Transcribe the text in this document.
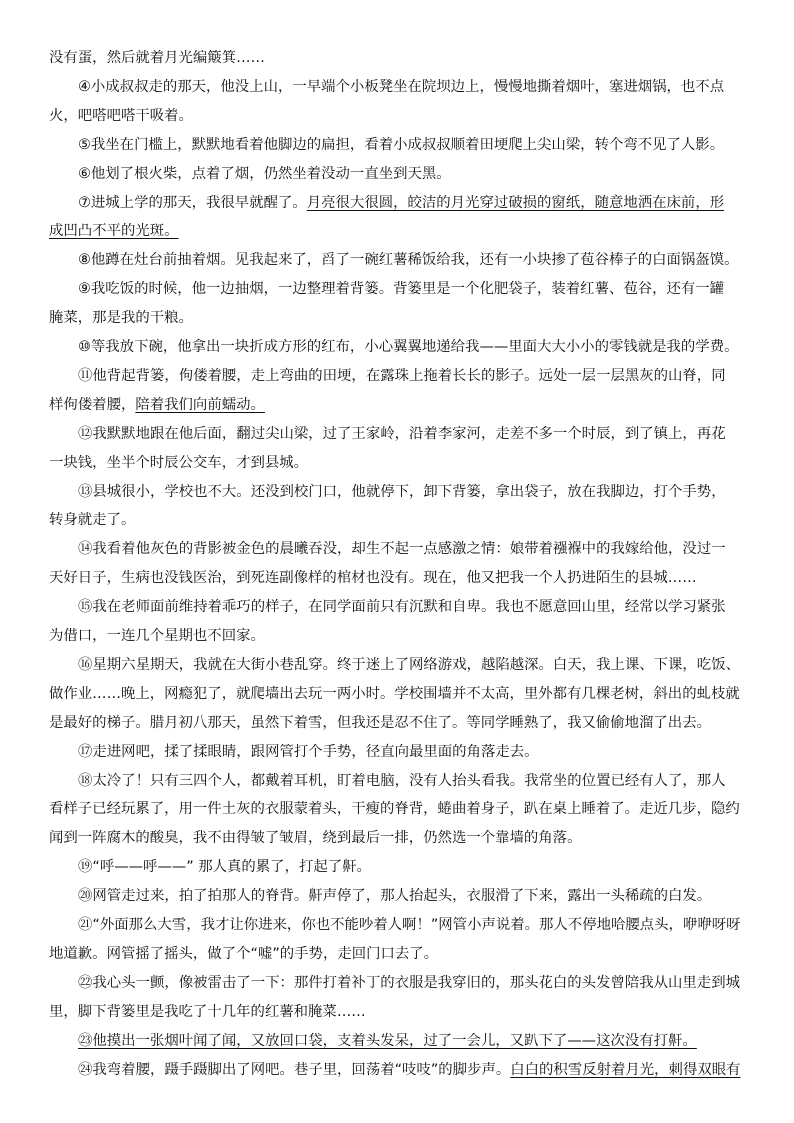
没有蛋，然后就着月光编簸箕……
④小成叔叔走的那天，他没上山，一早端个小板凳坐在院坝边上，慢慢地撕着烟叶，塞进烟锅，也不点
火，吧嗒吧嗒干吸着。
⑤我坐在门槛上，默默地看着他脚边的扁担，看着小成叔叔顺着田埂爬上尖山梁，转个弯不见了人影。
⑥他划了根火柴，点着了烟，仍然坐着没动一直坐到天黑。
⑦进城上学的那天，我很早就醒了。月亮很大很圆，皎洁的月光穿过破损的窗纸，随意地洒在床前，形
成凹凸不平的光斑。
⑧他蹲在灶台前抽着烟。见我起来了，舀了一碗红薯稀饭给我，还有一小块掺了苞谷棒子的白面锅盔馍。
⑨我吃饭的时候，他一边抽烟，一边整理着背篓。背篓里是一个化肥袋子，装着红薯、苞谷，还有一罐
腌菜，那是我的干粮。
⑩等我放下碗，他拿出一块折成方形的红布，小心翼翼地递给我——里面大大小小的零钱就是我的学费。
⑪他背起背篓，佝偻着腰，走上弯曲的田埂，在露珠上拖着长长的影子。远处一层一层黑灰的山脊，同
样佝偻着腰，陪着我们向前蠕动。
⑫我默默地跟在他后面，翻过尖山梁，过了王家岭，沿着李家河，走差不多一个时辰，到了镇上，再花
一块钱，坐半个时辰公交车，才到县城。
⑬县城很小，学校也不大。还没到校门口，他就停下，卸下背篓，拿出袋子，放在我脚边，打个手势，
转身就走了。
⑭我看着他灰色的背影被金色的晨曦吞没，却生不起一点感激之情：娘带着襁褓中的我嫁给他，没过一
天好日子，生病也没钱医治，到死连副像样的棺材也没有。现在，他又把我一个人扔进陌生的县城……
⑮我在老师面前维持着乖巧的样子，在同学面前只有沉默和自卑。我也不愿意回山里，经常以学习紧张
为借口，一连几个星期也不回家。
⑯星期六星期天，我就在大街小巷乱穿。终于迷上了网络游戏，越陷越深。白天，我上课、下课，吃饭、
做作业……晚上，网瘾犯了，就爬墙出去玩一两小时。学校围墙并不太高，里外都有几棵老树，斜出的虬枝就
是最好的梯子。腊月初八那天，虽然下着雪，但我还是忍不住了。等同学睡熟了，我又偷偷地溜了出去。
⑰走进网吧，揉了揉眼睛，跟网管打个手势，径直向最里面的角落走去。
⑱太冷了！只有三四个人，都戴着耳机，盯着电脑，没有人抬头看我。我常坐的位置已经有人了，那人
看样子已经玩累了，用一件土灰的衣服蒙着头，干瘦的脊背，蜷曲着身子，趴在桌上睡着了。走近几步，隐约
闻到一阵腐木的酸臭，我不由得皱了皱眉，绕到最后一排，仍然选一个靠墙的角落。
⑲“呼——呼——” 那人真的累了，打起了鼾。
⑳网管走过来，拍了拍那人的脊背。鼾声停了，那人抬起头，衣服滑了下来，露出一头稀疏的白发。
㉑“外面那么大雪，我才让你进来，你也不能吵着人啊！”网管小声说着。那人不停地哈腰点头，咿咿呀呀
地道歉。网管摇了摇头，做了个“嘘”的手势，走回门口去了。
㉒我心头一颤，像被雷击了一下：那件打着补丁的衣服是我穿旧的，那头花白的头发曾陪我从山里走到城
里，脚下背篓里是我吃了十几年的红薯和腌菜……
㉓他摸出一张烟叶闻了闻，又放回口袋，支着头发呆，过了一会儿，又趴下了——这次没有打鼾。
㉔我弯着腰，蹑手蹑脚出了网吧。巷子里，回荡着“吱吱”的脚步声。白白的积雪反射着月光，刺得双眼有
